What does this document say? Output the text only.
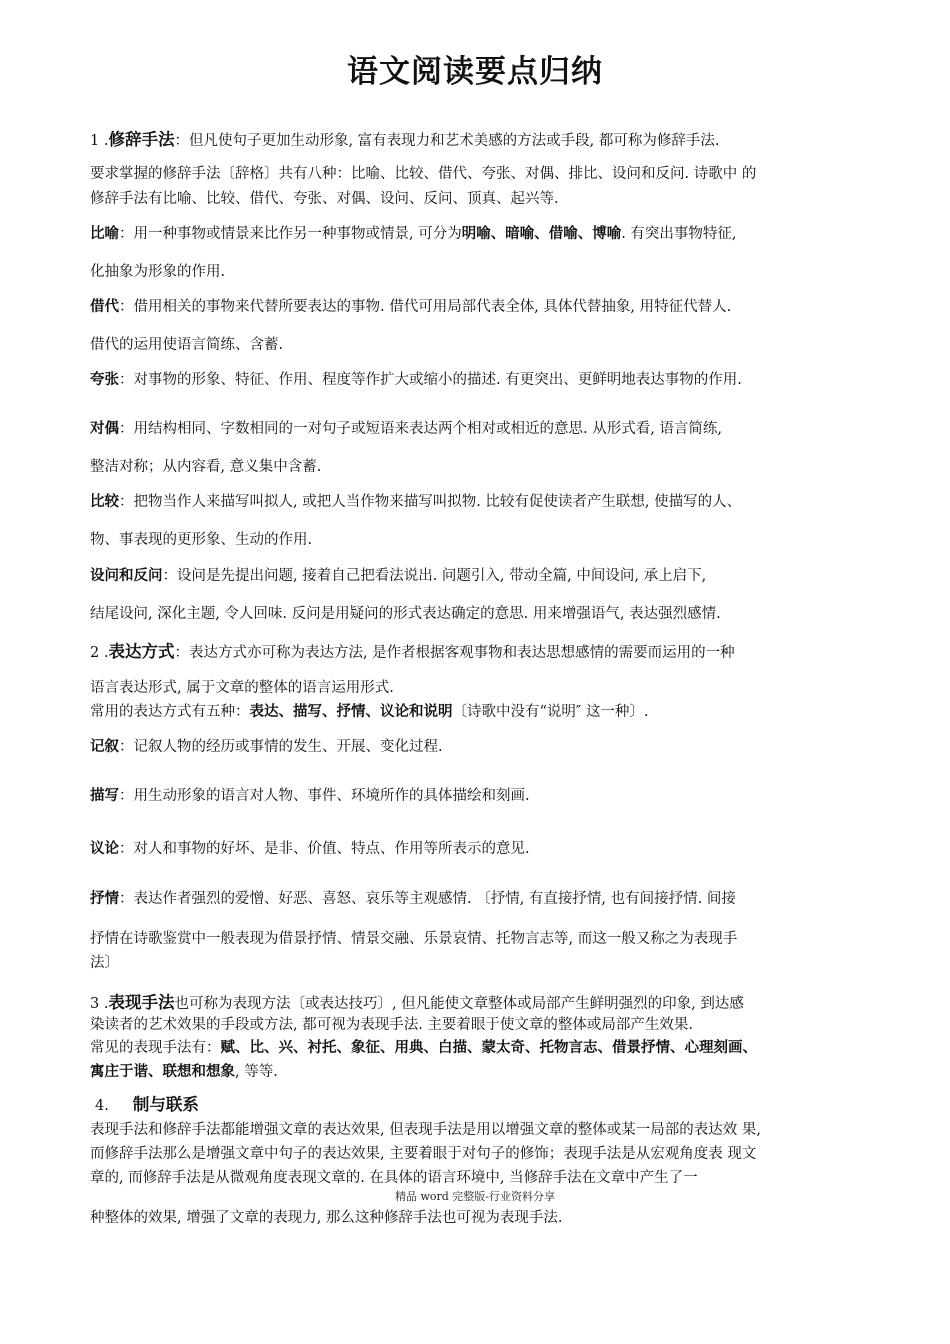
语文阅读要点归纳
1 .修辞手法：但凡使句子更加生动形象, 富有表现力和艺术美感的方法或手段, 都可称为修辞手法.
要求掌握的修辞手法〔辞格〕共有八种：比喻、比较、借代、夸张、对偶、排比、设问和反问. 诗歌中 的
修辞手法有比喻、比较、借代、夸张、对偶、设问、反问、顶真、起兴等.
比喻：用一种事物或情景来比作另一种事物或情景, 可分为明喻、暗喻、借喻、博喻. 有突出事物特征,
化抽象为形象的作用.
借代：借用相关的事物来代替所要表达的事物. 借代可用局部代表全体, 具体代替抽象, 用特征代替人.
借代的运用使语言简练、含蓄.
夸张：对事物的形象、特征、作用、程度等作扩大或缩小的描述. 有更突出、更鲜明地表达事物的作用.
对偶：用结构相同、字数相同的一对句子或短语来表达两个相对或相近的意思. 从形式看, 语言简练,
整洁对称；从内容看, 意义集中含蓄.
比较：把物当作人来描写叫拟人, 或把人当作物来描写叫拟物. 比较有促使读者产生联想, 使描写的人、
物、事表现的更形象、生动的作用.
设问和反问：设问是先提出问题, 接着自己把看法说出. 问题引入, 带动全篇, 中间设问, 承上启下,
结尾设问, 深化主题, 令人回味. 反问是用疑问的形式表达确定的意思. 用来增强语气, 表达强烈感情.
2 .表达方式：表达方式亦可称为表达方法, 是作者根据客观事物和表达思想感情的需要而运用的一种
语言表达形式, 属于文章的整体的语言运用形式.
常用的表达方式有五种：表达、描写、抒情、议论和说明〔诗歌中没有“说明″ 这一种〕.
记叙：记叙人物的经历或事情的发生、开展、变化过程.
描写：用生动形象的语言对人物、事件、环境所作的具体描绘和刻画.
议论：对人和事物的好坏、是非、价值、特点、作用等所表示的意见.
抒情：表达作者强烈的爱憎、好恶、喜怒、哀乐等主观感情. 〔抒情, 有直接抒情, 也有间接抒情. 间接
抒情在诗歌鉴赏中一般表现为借景抒情、情景交融、乐景哀情、托物言志等, 而这一般又称之为表现手
法〕
3 .表现手法也可称为表现方法〔或表达技巧〕, 但凡能使文章整体或局部产生鲜明强烈的印象, 到达感
染读者的艺术效果的手段或方法, 都可视为表现手法. 主要着眼于使文章的整体或局部产生效果.
常见的表现手法有：赋、比、兴、衬托、象征、用典、白描、蒙太奇、托物言志、借景抒情、心理刻画、
寓庄于谐、联想和想象, 等等.
4. 制与联系
表现手法和修辞手法都能增强文章的表达效果, 但表现手法是用以增强文章的整体或某一局部的表达效 果,
而修辞手法那么是增强文章中句子的表达效果, 主要着眼于对句子的修饰；表现手法是从宏观角度表 现文
章的, 而修辞手法是从微观角度表现文章的. 在具体的语言环境中, 当修辞手法在文章中产生了一
精品 word 完整版-行业资料分享
种整体的效果, 增强了文章的表现力, 那么这种修辞手法也可视为表现手法.
